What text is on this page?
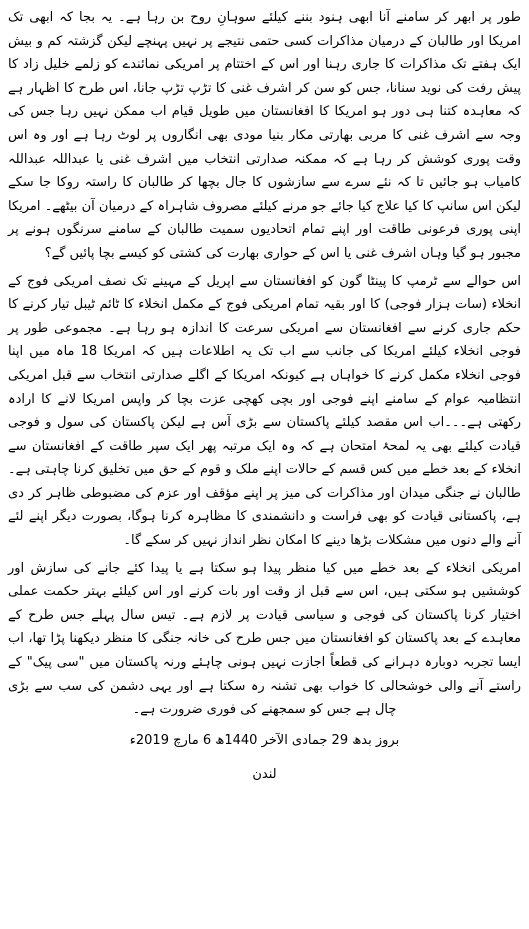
طور پر ابھر کر سامنے آنا ابھی ہنود بننے کیلئے سوہانِ روح بن رہا ہے۔ یہ بجا کہ ابھی تک امریکا اور طالبان کے درمیان مذاکرات کسی حتمی نتیجے پر نہیں پہنچے لیکن گزشتہ کم و بیش ایک ہفتے تک مذاکرات کا جاری رہنا اور اس کے اختتام پر امریکی نمائندے کو زلمے خلیل زاد کا پیش رفت کی نوید سنانا، جس کو سن کر اشرف غنی کا تڑپ تڑپ جانا، اس طرح کا اظہار ہے کہ معاہدہ کتنا ہی دور ہو امریکا کا افغانستان میں طویل قیام اب ممکن نہیں رہا جس کی وجہ سے اشرف غنی کا مربی بھارتی مکار بنیا مودی بھی انگاروں پر لوٹ رہا ہے اور وہ اس وقت پوری کوشش کر رہا ہے کہ ممکنہ صدارتی انتخاب میں اشرف غنی یا عبداللہ عبداللہ کامیاب ہو جائیں تا کہ نئے سرے سے سازشوں کا جال بچھا کر طالبان کا راستہ روکا جا سکے لیکن اس سانپ کا کیا علاج کیا جائے جو مرنے کیلئے مصروف شاہراہ کے درمیان آن بیٹھے۔ امریکا اپنی پوری فرعونی طاقت اور اپنے تمام اتحادیوں سمیت طالبان کے سامنے سرنگوں ہونے پر مجبور ہو گیا وہاں اشرف غنی یا اس کے حواری بھارت کی کشتی کو کیسے بچا پائیں گے؟

اس حوالے سے ٹرمپ کا پینٹا گون کو افغانستان سے اپریل کے مہینے تک نصف امریکی فوج کے انخلاء (سات ہزار فوجی) کا اور بقیہ تمام امریکی فوج کے مکمل انخلاء کا ٹائم ٹیبل تیار کرنے کا حکم جاری کرنے سے افغانستان سے امریکی سرعت کا اندازہ ہو رہا ہے۔ مجموعی طور پر فوجی انخلاء کیلئے امریکا کی جانب سے اب تک یہ اطلاعات ہیں کہ امریکا 18 ماہ میں اپنا فوجی انخلاء مکمل کرنے کا خواہاں ہے کیونکہ امریکا کے اگلے صدارتی انتخاب سے قبل امریکی انتظامیہ عوام کے سامنے اپنے فوجی اور بچی کھچی عزت بچا کر واپس امریکا لانے کا ارادہ رکھتی ہے۔۔۔اب اس مقصد کیلئے پاکستان سے بڑی آس ہے لیکن پاکستان کی سول و فوجی قیادت کیلئے بھی یہ لمحۂ امتحان ہے کہ وہ ایک مرتبہ پھر ایک سپر طاقت کے افغانستان سے انخلاء کے بعد خطے میں کس قسم کے حالات اپنے ملک و قوم کے حق میں تخلیق کرنا چاہتی ہے۔ طالبان نے جنگی میدان اور مذاکرات کی میز پر اپنے مؤقف اور عزم کی مضبوطی ظاہر کر دی ہے، پاکستانی قیادت کو بھی فراست و دانشمندی کا مظاہرہ کرنا ہوگا، بصورت دیگر اپنے لئے آنے والے دنوں میں مشکلات بڑھا دینے کا امکان نظر انداز نہیں کر سکے گا۔

امریکی انخلاء کے بعد خطے میں کیا منظر پیدا ہو سکتا ہے یا پیدا کئے جانے کی سازش اور کوششیں ہو سکتی ہیں، اس سے قبل از وقت اور بات کرنے اور اس کیلئے بہتر حکمت عملی اختیار کرنا پاکستان کی فوجی و سیاسی قیادت پر لازم ہے۔ تیس سال پہلے جس طرح کے معاہدے کے بعد پاکستان کو افغانستان میں جس طرح کی خانہ جنگی کا منظر دیکھنا پڑا تھا، اب ایسا تجربہ دوبارہ دہرانے کی قطعاً اجازت نہیں ہونی چاہئے ورنہ پاکستان میں "سی پیک" کے راستے آنے والی خوشحالی کا خواب بھی تشنہ رہ سکتا ہے اور یہی دشمن کی سب سے بڑی چال ہے جس کو سمجھنے کی فوری ضرورت ہے۔

بروز بدھ 29 جمادی الآخر 1440ھ 6 مارچ 2019ء
لندن
